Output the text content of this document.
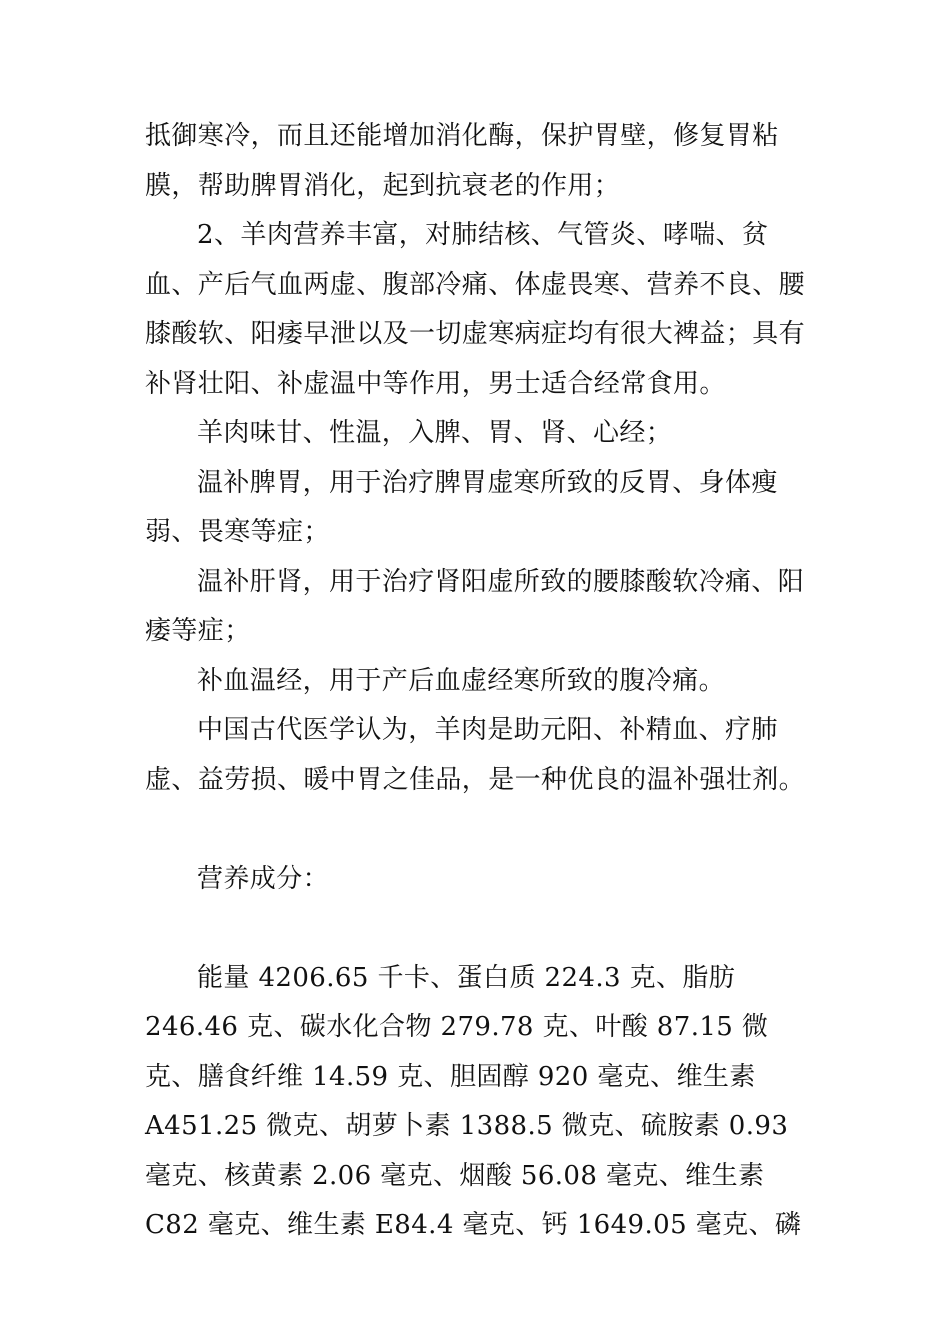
抵御寒冷，而且还能增加消化酶，保护胃壁，修复胃粘膜，帮助脾胃消化，起到抗衰老的作用；

2、羊肉营养丰富，对肺结核、气管炎、哮喘、贫血、产后气血两虚、腹部冷痛、体虚畏寒、营养不良、腰膝酸软、阳痿早泄以及一切虚寒病症均有很大裨益；具有补肾壮阳、补虚温中等作用，男士适合经常食用。

羊肉味甘、性温，入脾、胃、肾、心经；

温补脾胃，用于治疗脾胃虚寒所致的反胃、身体瘦弱、畏寒等症；

温补肝肾，用于治疗肾阳虚所致的腰膝酸软冷痛、阳痿等症；

补血温经，用于产后血虚经寒所致的腹冷痛。

中国古代医学认为，羊肉是助元阳、补精血、疗肺虚、益劳损、暖中胃之佳品，是一种优良的温补强壮剂。

营养成分：

能量 4206.65 千卡、蛋白质 224.3 克、脂肪 246.46 克、碳水化合物 279.78 克、叶酸 87.15 微克、膳食纤维 14.59 克、胆固醇 920 毫克、维生素 A451.25 微克、胡萝卜素 1388.5 微克、硫胺素 0.93 毫克、核黄素 2.06 毫克、烟酸 56.08 毫克、维生素 C82 毫克、维生素 E84.4 毫克、钙 1649.05 毫克、磷
